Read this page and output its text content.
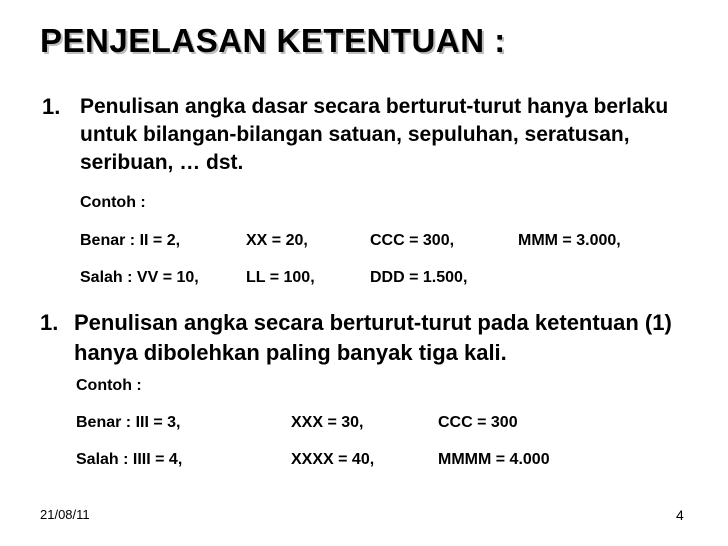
PENJELASAN KETENTUAN :
1. Penulisan angka dasar secara berturut-turut hanya berlaku untuk bilangan-bilangan satuan, sepuluhan, seratusan, seribuan, … dst.
Contoh :
Benar : II = 2,	XX = 20,	CCC = 300,	MMM = 3.000,
Salah : VV = 10,	LL = 100,	DDD = 1.500,
1. Penulisan angka secara berturut-turut pada ketentuan (1) hanya dibolehkan paling banyak tiga kali.
Contoh :
Benar : III = 3,	XXX = 30,	CCC = 300
Salah : IIII = 4,	XXXX = 40,	MMMM = 4.000
21/08/11	4
